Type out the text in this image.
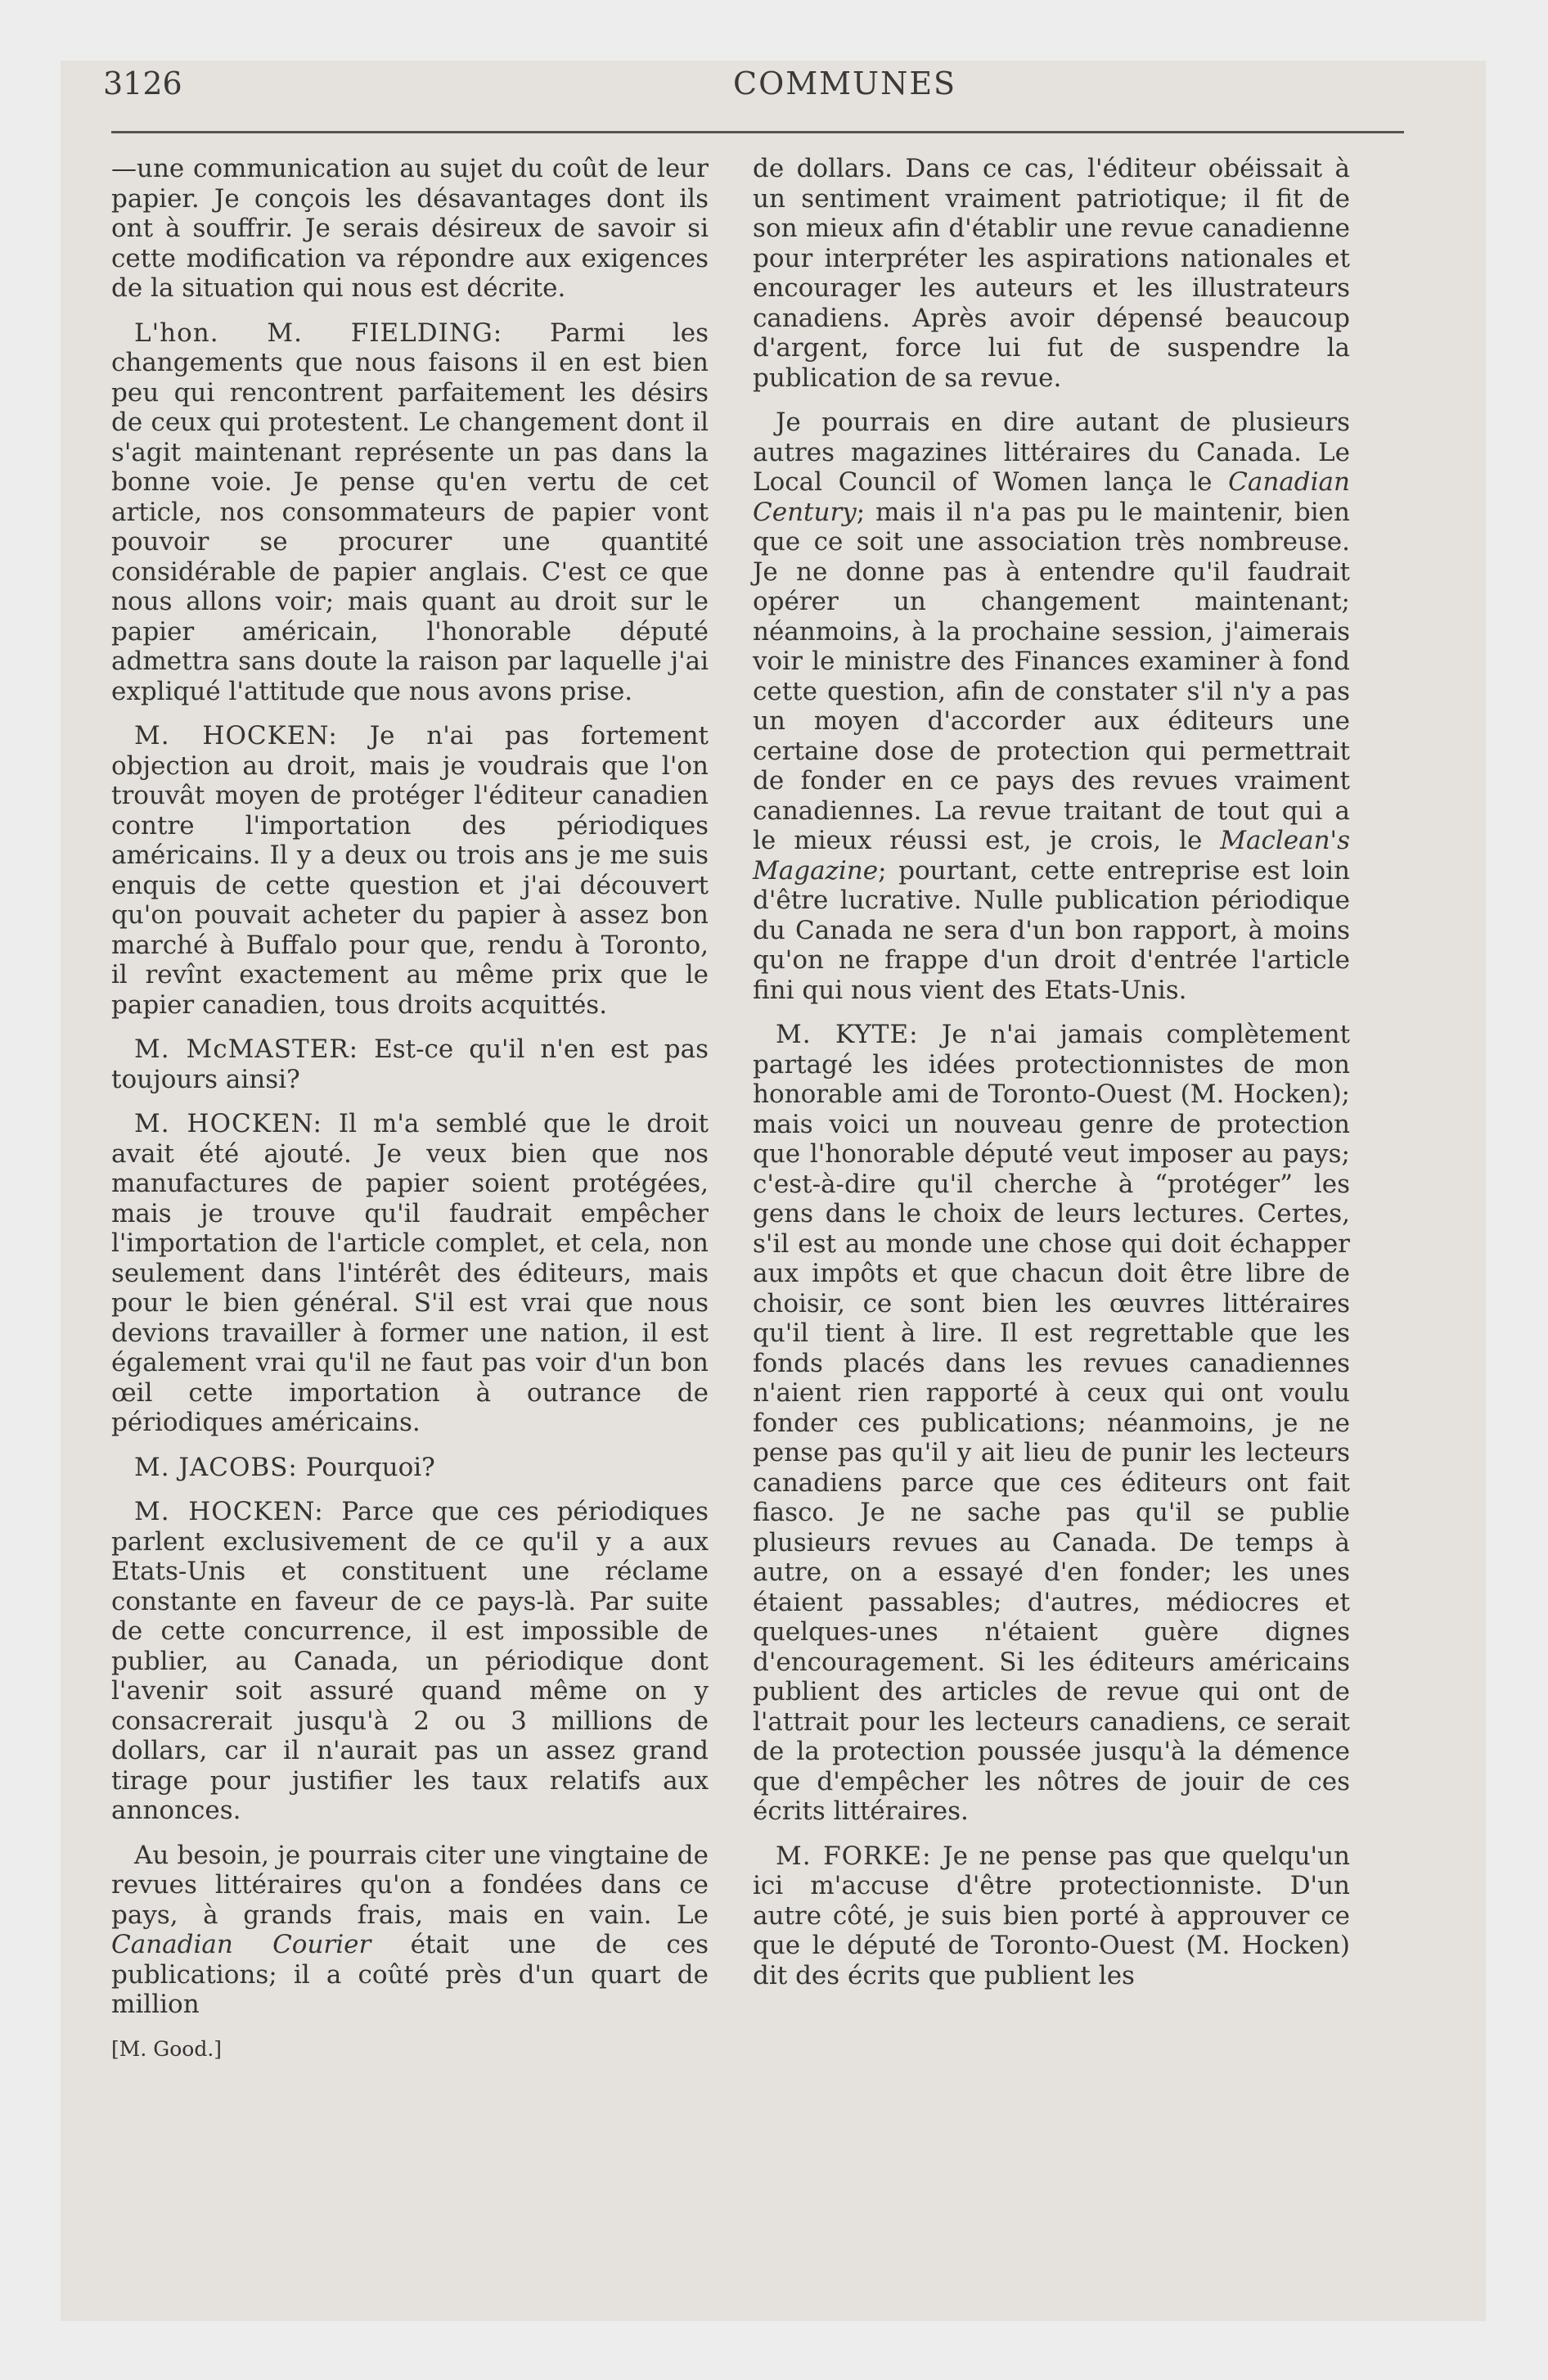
3126	COMMUNES

—une communication au sujet du coût de leur papier. Je conçois les désavantages dont ils ont à souffrir. Je serais désireux de savoir si cette modification va répondre aux exigences de la situation qui nous est décrite.

L'hon. M. FIELDING: Parmi les changements que nous faisons il en est bien peu qui rencontrent parfaitement les désirs de ceux qui protestent. Le changement dont il s'agit maintenant représente un pas dans la bonne voie. Je pense qu'en vertu de cet article, nos consommateurs de papier vont pouvoir se procurer une quantité considérable de papier anglais. C'est ce que nous allons voir; mais quant au droit sur le papier américain, l'honorable député admettra sans doute la raison par laquelle j'ai expliqué l'attitude que nous avons prise.

M. HOCKEN: Je n'ai pas fortement objection au droit, mais je voudrais que l'on trouvât moyen de protéger l'éditeur canadien contre l'importation des périodiques américains. Il y a deux ou trois ans je me suis enquis de cette question et j'ai découvert qu'on pouvait acheter du papier à assez bon marché à Buffalo pour que, rendu à Toronto, il revînt exactement au même prix que le papier canadien, tous droits acquittés.

M. McMASTER: Est-ce qu'il n'en est pas toujours ainsi?

M. HOCKEN: Il m'a semblé que le droit avait été ajouté. Je veux bien que nos manufactures de papier soient protégées, mais je trouve qu'il faudrait empêcher l'importation de l'article complet, et cela, non seulement dans l'intérêt des éditeurs, mais pour le bien général. S'il est vrai que nous devions travailler à former une nation, il est également vrai qu'il ne faut pas voir d'un bon œil cette importation à outrance de périodiques américains.

M. JACOBS: Pourquoi?

M. HOCKEN: Parce que ces périodiques parlent exclusivement de ce qu'il y a aux Etats-Unis et constituent une réclame constante en faveur de ce pays-là. Par suite de cette concurrence, il est impossible de publier, au Canada, un périodique dont l'avenir soit assuré quand même on y consacrerait jusqu'à 2 ou 3 millions de dollars, car il n'aurait pas un assez grand tirage pour justifier les taux relatifs aux annonces.

Au besoin, je pourrais citer une vingtaine de revues littéraires qu'on a fondées dans ce pays, à grands frais, mais en vain. Le Canadian Courier était une de ces publications; il a coûté près d'un quart de million

[M. Good.]

de dollars. Dans ce cas, l'éditeur obéissait à un sentiment vraiment patriotique; il fit de son mieux afin d'établir une revue canadienne pour interpréter les aspirations nationales et encourager les auteurs et les illustrateurs canadiens. Après avoir dépensé beaucoup d'argent, force lui fut de suspendre la publication de sa revue.

Je pourrais en dire autant de plusieurs autres magazines littéraires du Canada. Le Local Council of Women lança le Canadian Century; mais il n'a pas pu le maintenir, bien que ce soit une association très nombreuse. Je ne donne pas à entendre qu'il faudrait opérer un changement maintenant; néanmoins, à la prochaine session, j'aimerais voir le ministre des Finances examiner à fond cette question, afin de constater s'il n'y a pas un moyen d'accorder aux éditeurs une certaine dose de protection qui permettrait de fonder en ce pays des revues vraiment canadiennes. La revue traitant de tout qui a le mieux réussi est, je crois, le Maclean's Magazine; pourtant, cette entreprise est loin d'être lucrative. Nulle publication périodique du Canada ne sera d'un bon rapport, à moins qu'on ne frappe d'un droit d'entrée l'article fini qui nous vient des Etats-Unis.

M. KYTE: Je n'ai jamais complètement partagé les idées protectionnistes de mon honorable ami de Toronto-Ouest (M. Hocken); mais voici un nouveau genre de protection que l'honorable député veut imposer au pays; c'est-à-dire qu'il cherche à “protéger” les gens dans le choix de leurs lectures. Certes, s'il est au monde une chose qui doit échapper aux impôts et que chacun doit être libre de choisir, ce sont bien les œuvres littéraires qu'il tient à lire. Il est regrettable que les fonds placés dans les revues canadiennes n'aient rien rapporté à ceux qui ont voulu fonder ces publications; néanmoins, je ne pense pas qu'il y ait lieu de punir les lecteurs canadiens parce que ces éditeurs ont fait fiasco. Je ne sache pas qu'il se publie plusieurs revues au Canada. De temps à autre, on a essayé d'en fonder; les unes étaient passables; d'autres, médiocres et quelques-unes n'étaient guère dignes d'encouragement. Si les éditeurs américains publient des articles de revue qui ont de l'attrait pour les lecteurs canadiens, ce serait de la protection poussée jusqu'à la démence que d'empêcher les nôtres de jouir de ces écrits littéraires.

M. FORKE: Je ne pense pas que quelqu'un ici m'accuse d'être protectionniste. D'un autre côté, je suis bien porté à approuver ce que le député de Toronto-Ouest (M. Hocken) dit des écrits que publient les
